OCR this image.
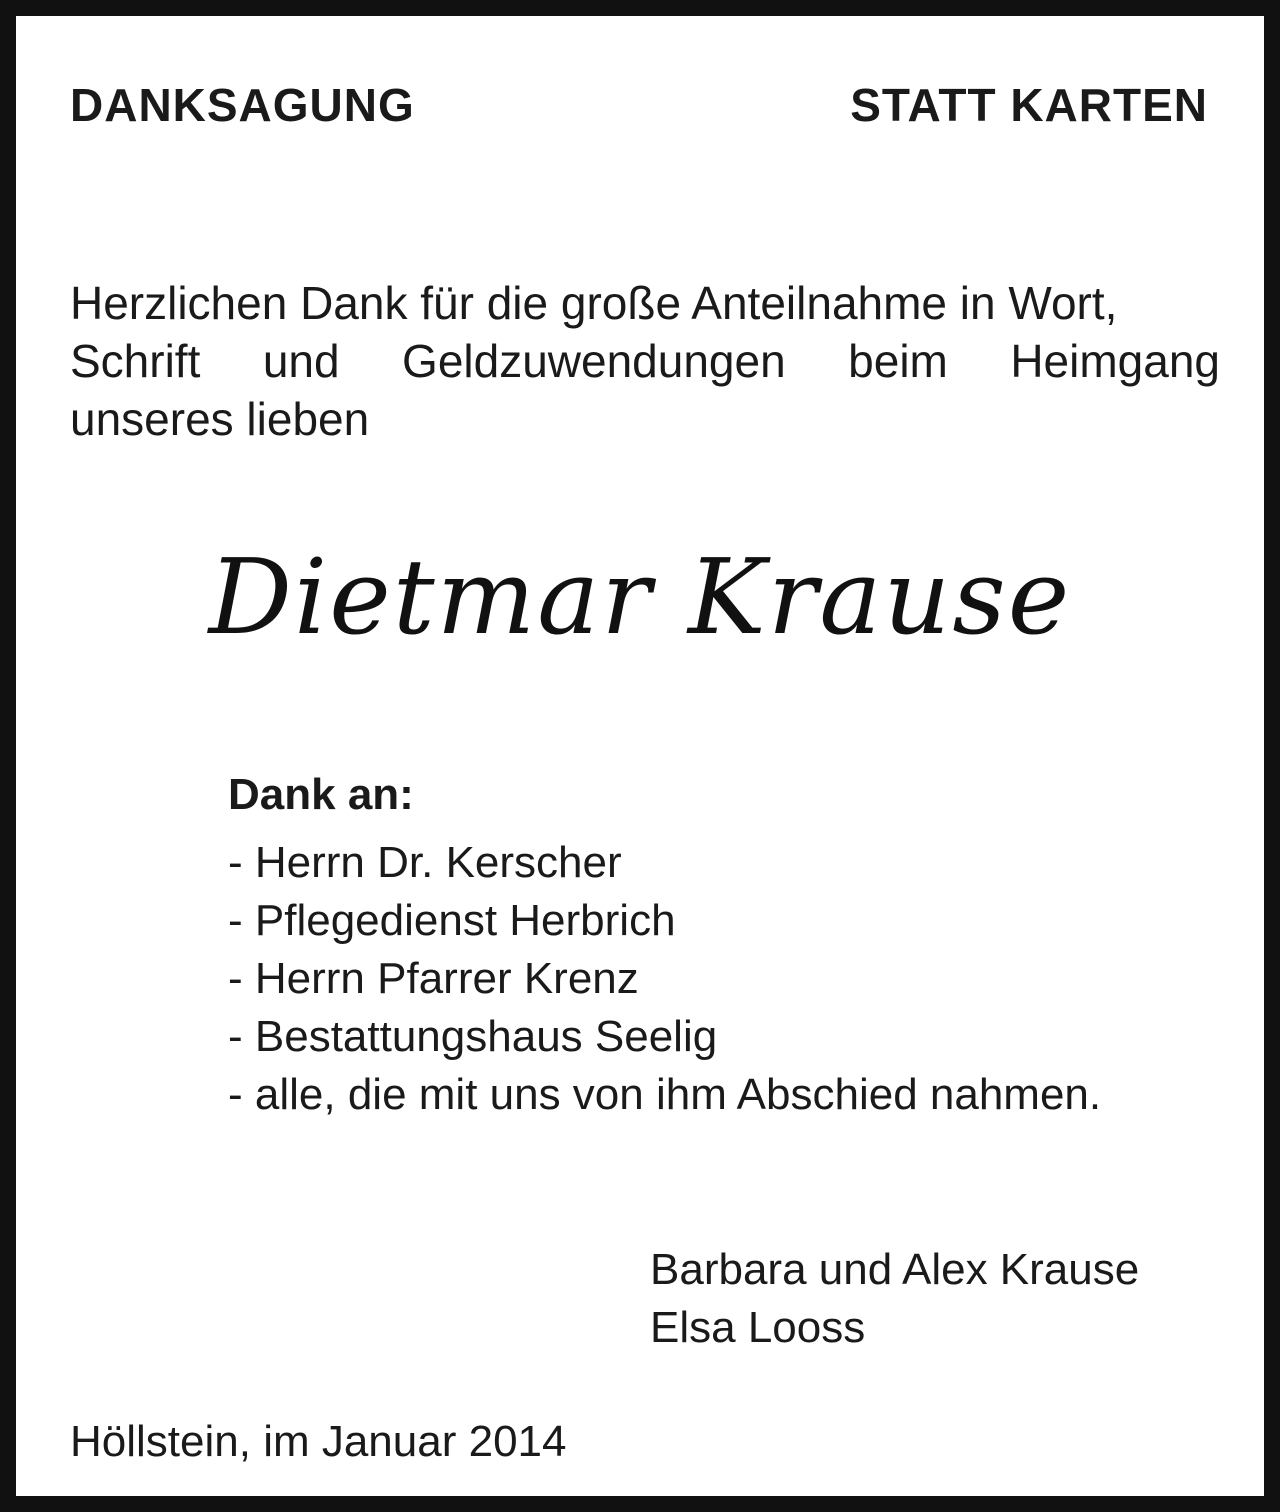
DANKSAGUNG	STATT KARTEN
Herzlichen Dank für die große Anteilnahme in Wort,
Schrift und Geldzuwendungen beim Heimgang
unseres lieben
Dietmar Krause
Dank an:
- Herrn Dr. Kerscher
- Pflegedienst Herbrich
- Herrn Pfarrer Krenz
- Bestattungshaus Seelig
- alle, die mit uns von ihm Abschied nahmen.
Barbara und Alex Krause
Elsa Looss
Höllstein, im Januar 2014
